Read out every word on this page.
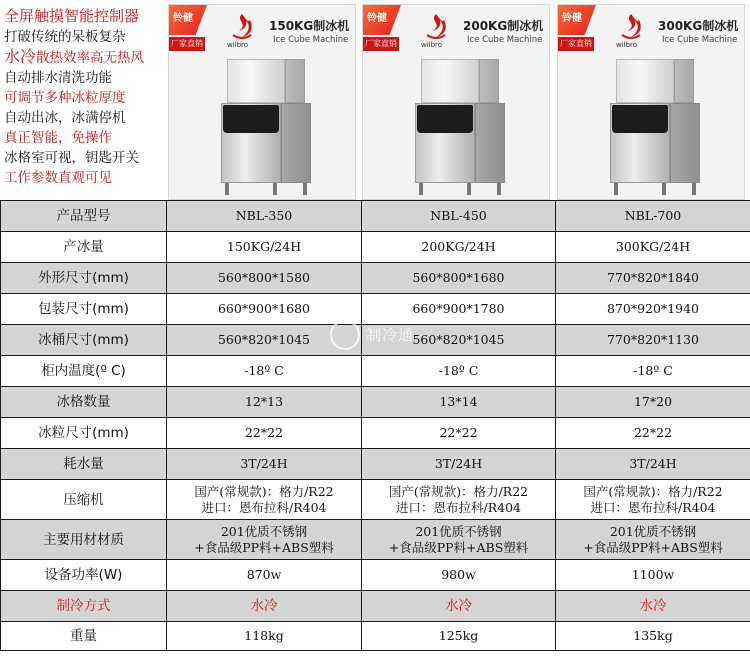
全屏触摸智能控制器
打破传统的呆板复杂
水冷散热效率高无热风
自动排水清洗功能
可调节多种冰粒厚度
自动出冰，冰满停机
真正智能，免操作
冰格室可视，钥匙开关
工作参数直观可见
铃健
厂家直销	wilbro
150KG制冰机
Ice Cube Machine
铃健
厂家直销	wilbro
200KG制冰机
Ice Cube Machine
铃健
厂家直销	wilbro
300KG制冰机
Ice Cube Machine
产品型号	NBL-350	NBL-450	NBL-700
产冰量	150KG/24H	200KG/24H	300KG/24H
外形尺寸(mm)	560*800*1580	560*800*1680	770*820*1840
包装尺寸(mm)	660*900*1680	660*900*1780	870*920*1940
冰桶尺寸(mm)	560*820*1045	560*820*1045	770*820*1130
柜内温度(º C)	-18º C	-18º C	-18º C
冰格数量	12*13	13*14	17*20
冰粒尺寸(mm)	22*22	22*22	22*22
耗水量	3T/24H	3T/24H	3T/24H
压缩机	国产(常规款)：格力/R22
进口：恩布拉科/R404	国产(常规款)：格力/R22
进口：恩布拉科/R404	国产(常规款)：格力/R22
进口：恩布拉科/R404

主要用材材质	201优质不锈钢
+食品级PP料+ABS塑料	201优质不锈钢
+食品级PP料+ABS塑料	201优质不锈钢
+食品级PP料+ABS塑料

设备功率(W)	870w	980w	1100w
制冷方式	水冷	水冷	水冷
重量	118kg	125kg	135kg
制冷通
